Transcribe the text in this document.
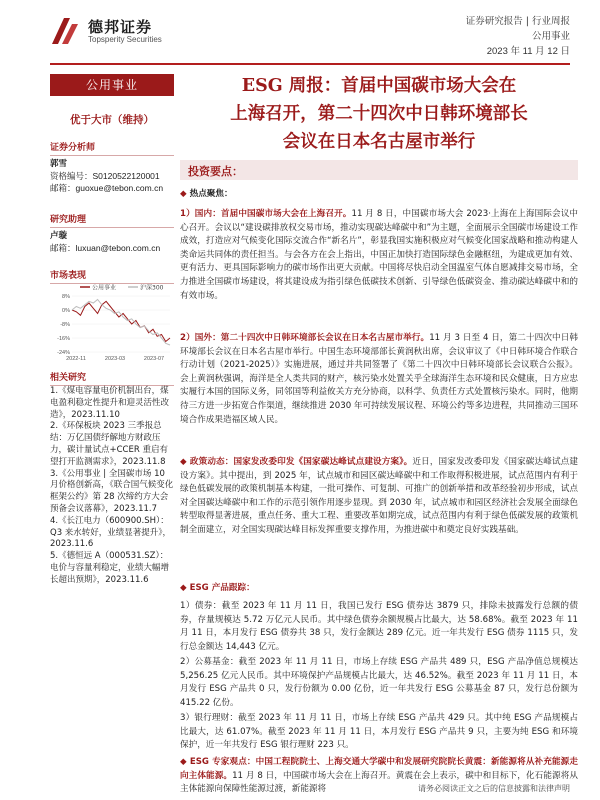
德邦证券
Topsperity Securities
证券研究报告 | 行业周报
公用事业
2023 年 11 月 12 日
公用事业
优于大市（维持）
证券分析师
郭雪
资格编号：S0120522120001
邮箱：guoxue@tebon.com.cn
研究助理
卢璇
邮箱：luxuan@tebon.com.cn
市场表现
公用事业	沪深300
8%
0%
-8%
-16%
-24%
2022-11	2023-03	2023-07
相关研究
1.《煤电容量电价机制出台，煤电盈利稳定性提升和迎灵活性改造》，2023.11.10
2.《环保板块 2023 三季报总结：万亿国债纾解地方财政压力，碳计量试点+CCER 重启有望打开监测需求》，2023.11.8
3.《公用事业 | 全国碳市场 10 月价格创新高，《联合国气候变化框架公约》第 28 次缔约方大会预备会议落幕》，2023.11.7
4.《长江电力（600900.SH）：Q3 来水转好，业绩显著提升》，2023.11.6
5.《德恒远 A（000531.SZ）：电价与容量利稳定，业绩大幅增长超出预期》，2023.11.6
ESG 周报：首届中国碳市场大会在
上海召开，第二十四次中日韩环境部长
会议在日本名古屋市举行
投资要点：
◆ 热点聚焦：
1）国内：首届中国碳市场大会在上海召开。11 月 8 日，中国碳市场大会 2023·上海在上海国际会议中心召开。会议以“建设碳排放权交易市场，推动实现碳达峰碳中和”为主题，全面展示全国碳市场建设工作成效，打造应对气候变化国际交流合作“新名片”，彰显我国实施积极应对气候变化国家战略和推动构建人类命运共同体的责任担当。与会各方在会上指出，中国正加快打造国际绿色金融枢纽，为建成更加有效、更有活力、更具国际影响力的碳市场作出更大贡献。中国将尽快启动全国温室气体自愿减排交易市场，全力推进全国碳市场建设，将其建设成为指引绿色低碳技术创新、引导绿色低碳资金、推动碳达峰碳中和的有效市场。
2）国外：第二十四次中日韩环境部长会议在日本名古屋市举行。11 月 3 日至 4 日，第二十四次中日韩环境部长会议在日本名古屋市举行。中国生态环境部部长黄润秋出席，会议审议了《中日韩环境合作联合行动计划（2021-2025）》实施进展，通过并共同签署了《第二十四次中日韩环境部长会议联合公报》。会上黄润秋强调，海洋是全人类共同的财产，核污染水处置关乎全球海洋生态环境和民众健康，日方应忠实履行本国的国际义务，同邻国等利益攸关方充分协商，以科学、负责任方式处置核污染水。同时，他期待三方进一步拓宽合作渠道，继续推进 2030 年可持续发展议程、环境公约等多边进程，共同推动三国环境合作成果造福区域人民。
◆ 政策动态：国家发改委印发《国家碳达峰试点建设方案》。近日，国家发改委印发《国家碳达峰试点建设方案》。其中提出，到 2025 年，试点城市和园区碳达峰碳中和工作取得积极进展，试点范围内有利于绿色低碳发展的政策机制基本构建，一批可操作、可复制、可推广的创新举措和改革经验初步形成，试点对全国碳达峰碳中和工作的示范引领作用逐步显现。到 2030 年，试点城市和园区经济社会发展全面绿色转型取得显著进展，重点任务、重大工程、重要改革如期完成，试点范围内有利于绿色低碳发展的政策机制全面建立，对全国实现碳达峰目标发挥重要支撑作用，为推进碳中和奠定良好实践基础。
◆ ESG 产品跟踪：
1）债券：截至 2023 年 11 月 11 日，我国已发行 ESG 债券达 3879 只，排除未披露发行总额的债券，存量规模达 5.72 万亿元人民币。其中绿色债券余额规模占比最大，达 58.68%。截至 2023 年 11 月 11 日，本月发行 ESG 债券共 38 只，发行金额达 289 亿元。近一年共发行 ESG 债券 1115 只，发行总金额达 14,443 亿元。
2）公募基金：截至 2023 年 11 月 11 日，市场上存续 ESG 产品共 489 只，ESG 产品净值总规模达 5,256.25 亿元人民币。其中环境保护产品规模占比最大，达 46.52%。截至 2023 年 11 月 11 日，本月发行 ESG 产品共 0 只，发行份额为 0.00 亿份，近一年共发行 ESG 公募基金 87 只，发行总份额为 415.22 亿份。
3）银行理财：截至 2023 年 11 月 11 日，市场上存续 ESG 产品共 429 只。其中纯 ESG 产品规模占比最大，达 61.07%。截至 2023 年 11 月 11 日，本月发行 ESG 产品共 9 只，主要为纯 ESG 和环境保护，近一年共发行 ESG 银行理财 223 只。
◆ ESG 专家观点：中国工程院院士、上海交通大学碳中和发展研究院院长黄震：新能源将从补充能源走向主体能源。11 月 8 日，中国碳市场大会在上海召开。黄震在会上表示，碳中和目标下，化石能源将从主体能源向保障性能源过渡，新能源将	请务必阅读正文之后的信息披露和法律声明
